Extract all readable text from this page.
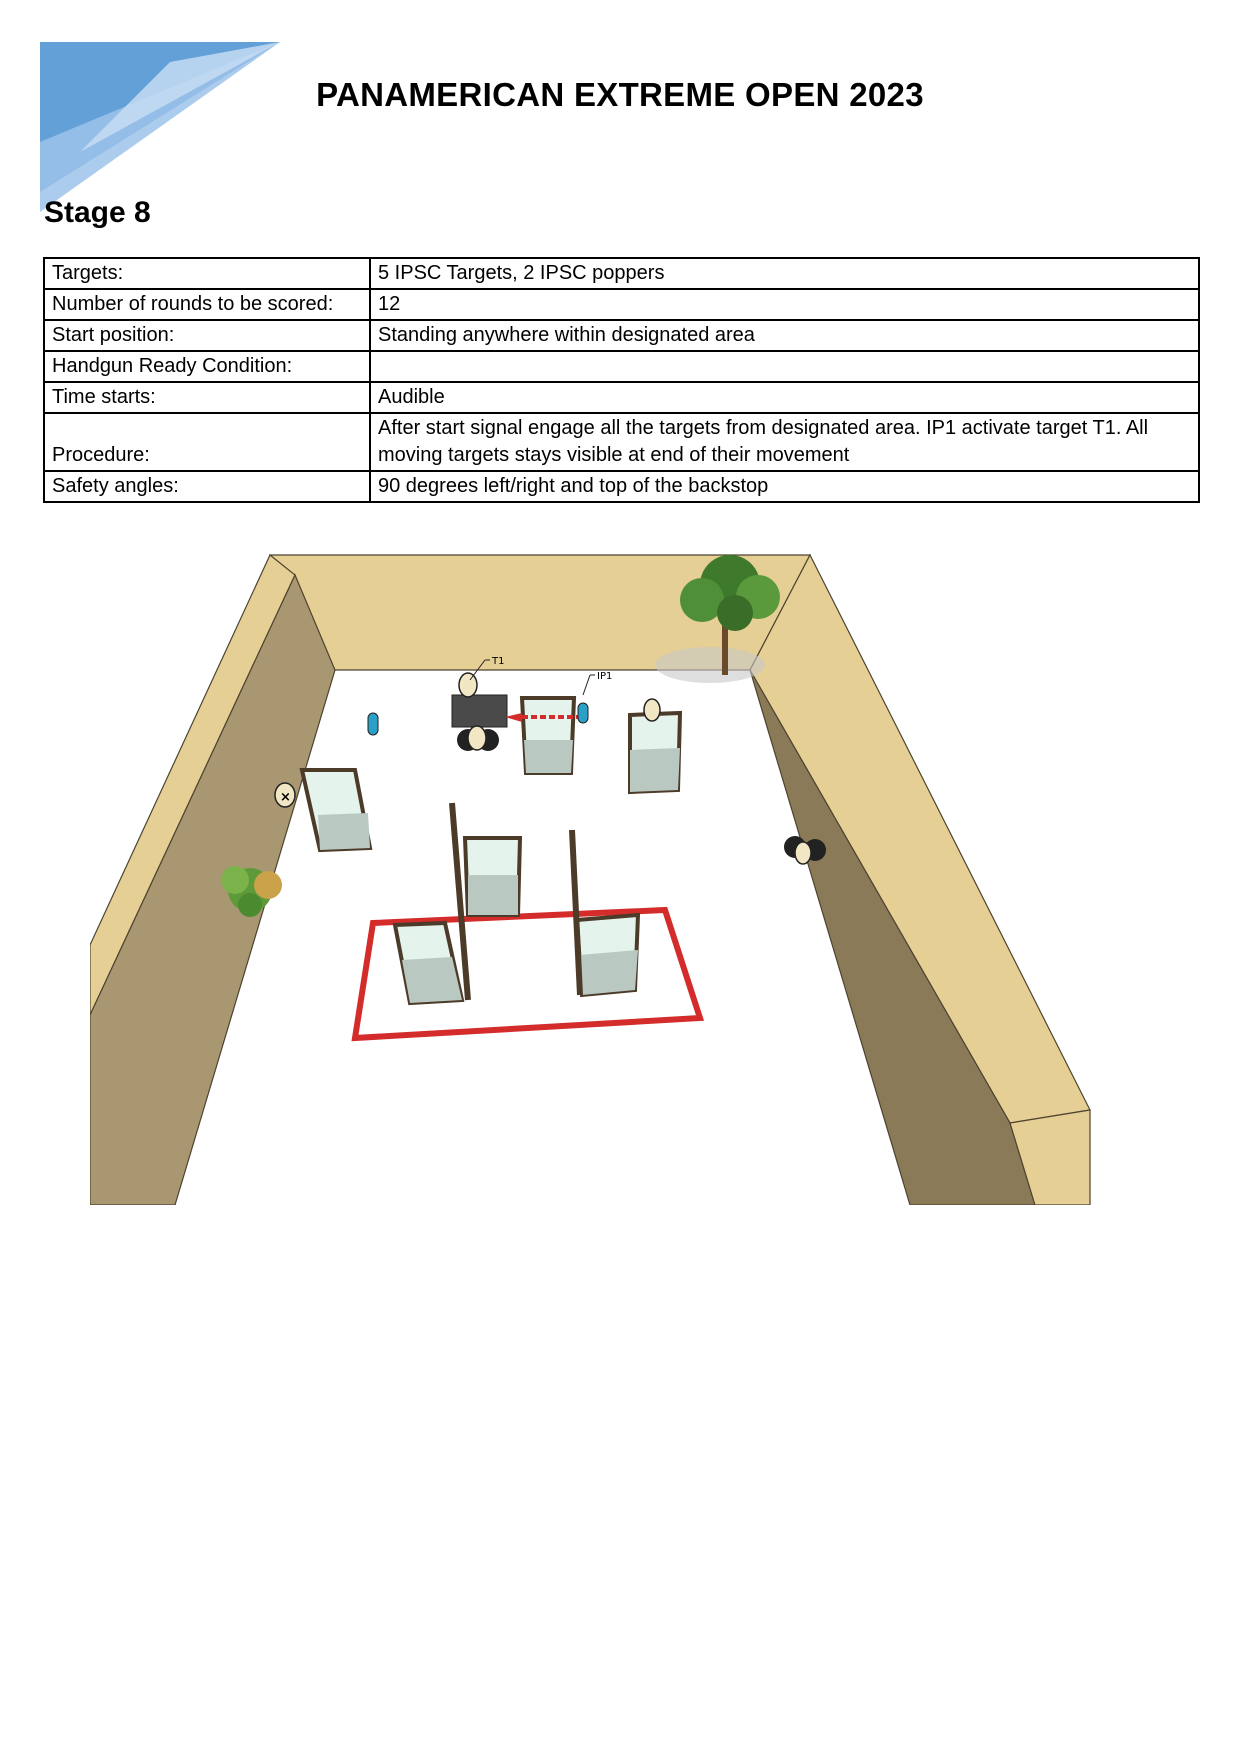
PANAMERICAN EXTREME OPEN 2023
Stage 8
Targets:	5 IPSC Targets, 2 IPSC poppers
Number of rounds to be scored:	12
Start position:	Standing anywhere within designated area
Handgun Ready Condition:	
Time starts:	Audible
Procedure:	After start signal engage all the targets from designated area. IP1 activate target T1. All moving targets stays visible at end of their movement
Safety angles:	90 degrees left/right and top of the backstop
T1
IP1
×
